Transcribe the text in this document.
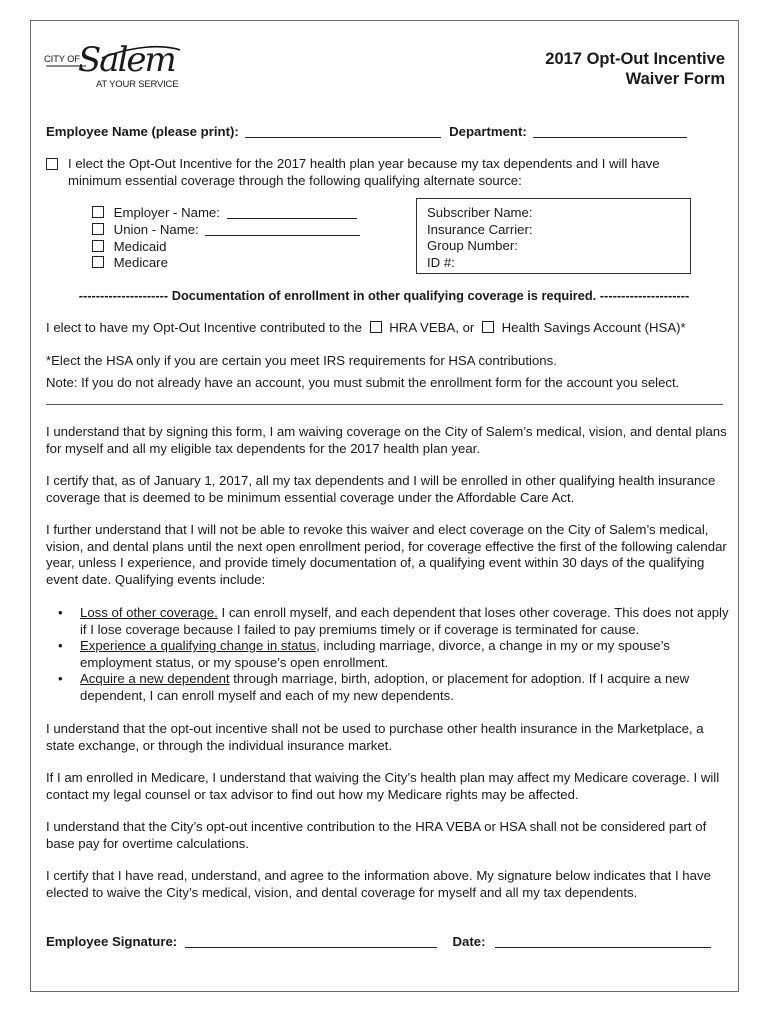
CITY OF
Salem
AT YOUR SERVICE
2017 Opt-Out Incentive
Waiver Form
Employee Name (please print):	Department:
I elect the Opt-Out Incentive for the 2017 health plan year because my tax dependents and I will have
minimum essential coverage through the following qualifying alternate source:
Employer - Name:
Union - Name:
Medicaid
Medicare
Subscriber Name:
Insurance Carrier:
Group Number:
ID #:
--------------------- Documentation of enrollment in other qualifying coverage is required. ---------------------
I elect to have my Opt-Out Incentive contributed to the HRA VEBA, or Health Savings Account (HSA)*
*Elect the HSA only if you are certain you meet IRS requirements for HSA contributions.
Note: If you do not already have an account, you must submit the enrollment form for the account you select.

I understand that by signing this form, I am waiving coverage on the City of Salem’s medical, vision, and dental plans for myself and all my eligible tax dependents for the 2017 health plan year.

I certify that, as of January 1, 2017, all my tax dependents and I will be enrolled in other qualifying health insurance coverage that is deemed to be minimum essential coverage under the Affordable Care Act.

I further understand that I will not be able to revoke this waiver and elect coverage on the City of Salem’s medical, vision, and dental plans until the next open enrollment period, for coverage effective the first of the following calendar year, unless I experience, and provide timely documentation of, a qualifying event within 30 days of the qualifying event date. Qualifying events include:

• Loss of other coverage. I can enroll myself, and each dependent that loses other coverage. This does not apply if I lose coverage because I failed to pay premiums timely or if coverage is terminated for cause.
• Experience a qualifying change in status, including marriage, divorce, a change in my or my spouse’s employment status, or my spouse’s open enrollment.
• Acquire a new dependent through marriage, birth, adoption, or placement for adoption. If I acquire a new dependent, I can enroll myself and each of my new dependents.

I understand that the opt-out incentive shall not be used to purchase other health insurance in the Marketplace, a state exchange, or through the individual insurance market.

If I am enrolled in Medicare, I understand that waiving the City’s health plan may affect my Medicare coverage. I will contact my legal counsel or tax advisor to find out how my Medicare rights may be affected.

I understand that the City’s opt-out incentive contribution to the HRA VEBA or HSA shall not be considered part of base pay for overtime calculations.

I certify that I have read, understand, and agree to the information above. My signature below indicates that I have elected to waive the City’s medical, vision, and dental coverage for myself and all my tax dependents.

Employee Signature:	Date:
